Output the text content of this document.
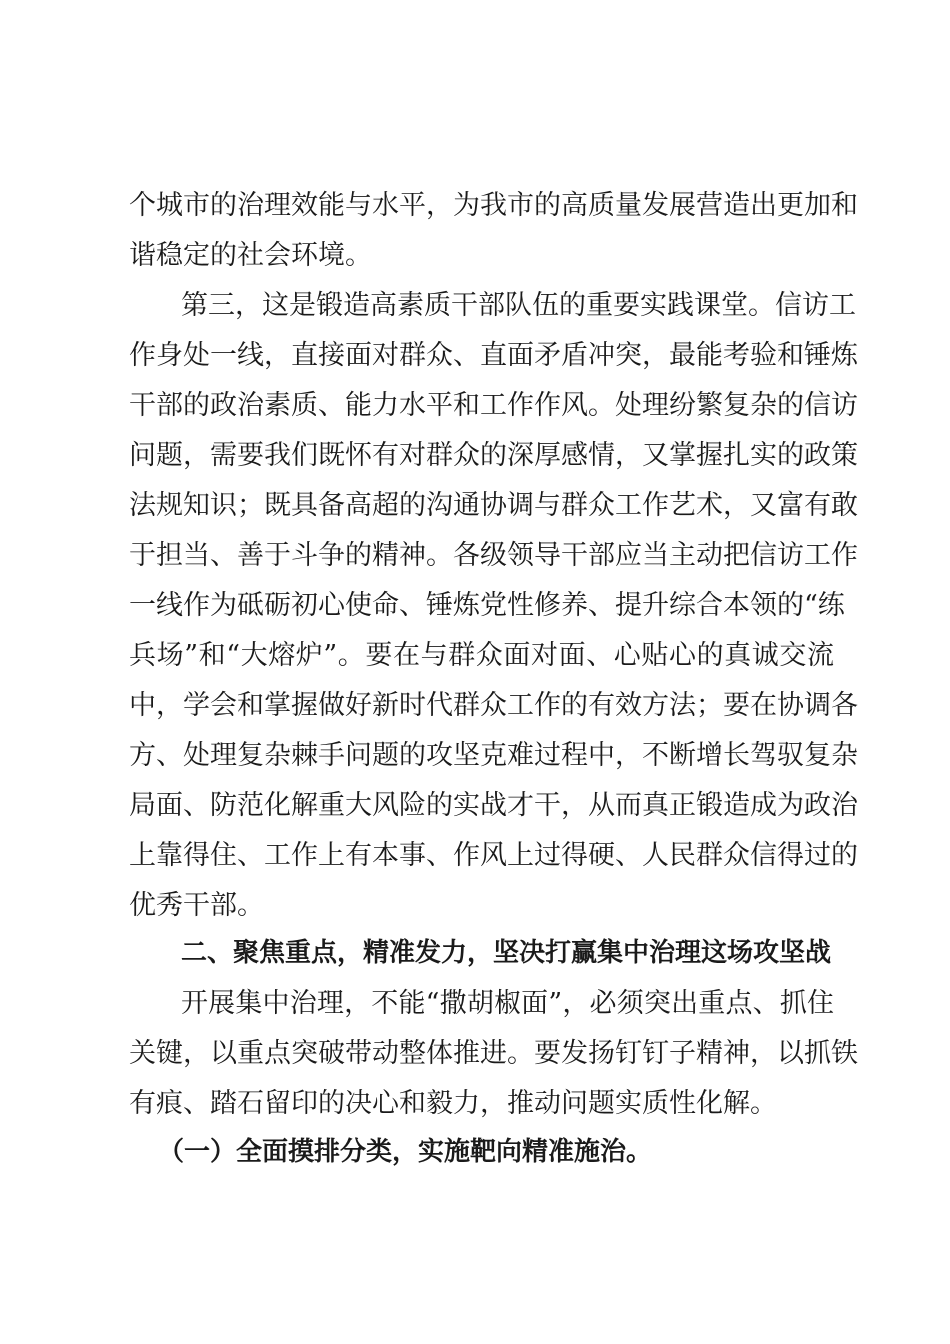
个城市的治理效能与水平，为我市的高质量发展营造出更加和
谐稳定的社会环境。
第三，这是锻造高素质干部队伍的重要实践课堂。信访工
作身处一线，直接面对群众、直面矛盾冲突，最能考验和锤炼
干部的政治素质、能力水平和工作作风。处理纷繁复杂的信访
问题，需要我们既怀有对群众的深厚感情，又掌握扎实的政策
法规知识；既具备高超的沟通协调与群众工作艺术，又富有敢
于担当、善于斗争的精神。各级领导干部应当主动把信访工作
一线作为砥砺初心使命、锤炼党性修养、提升综合本领的“练
兵场”和“大熔炉”。要在与群众面对面、心贴心的真诚交流
中，学会和掌握做好新时代群众工作的有效方法；要在协调各
方、处理复杂棘手问题的攻坚克难过程中，不断增长驾驭复杂
局面、防范化解重大风险的实战才干，从而真正锻造成为政治
上靠得住、工作上有本事、作风上过得硬、人民群众信得过的
优秀干部。
二、聚焦重点，精准发力，坚决打赢集中治理这场攻坚战
开展集中治理，不能“撒胡椒面”，必须突出重点、抓住
关键，以重点突破带动整体推进。要发扬钉钉子精神，以抓铁
有痕、踏石留印的决心和毅力，推动问题实质性化解。
（一）全面摸排分类，实施靶向精准施治。
